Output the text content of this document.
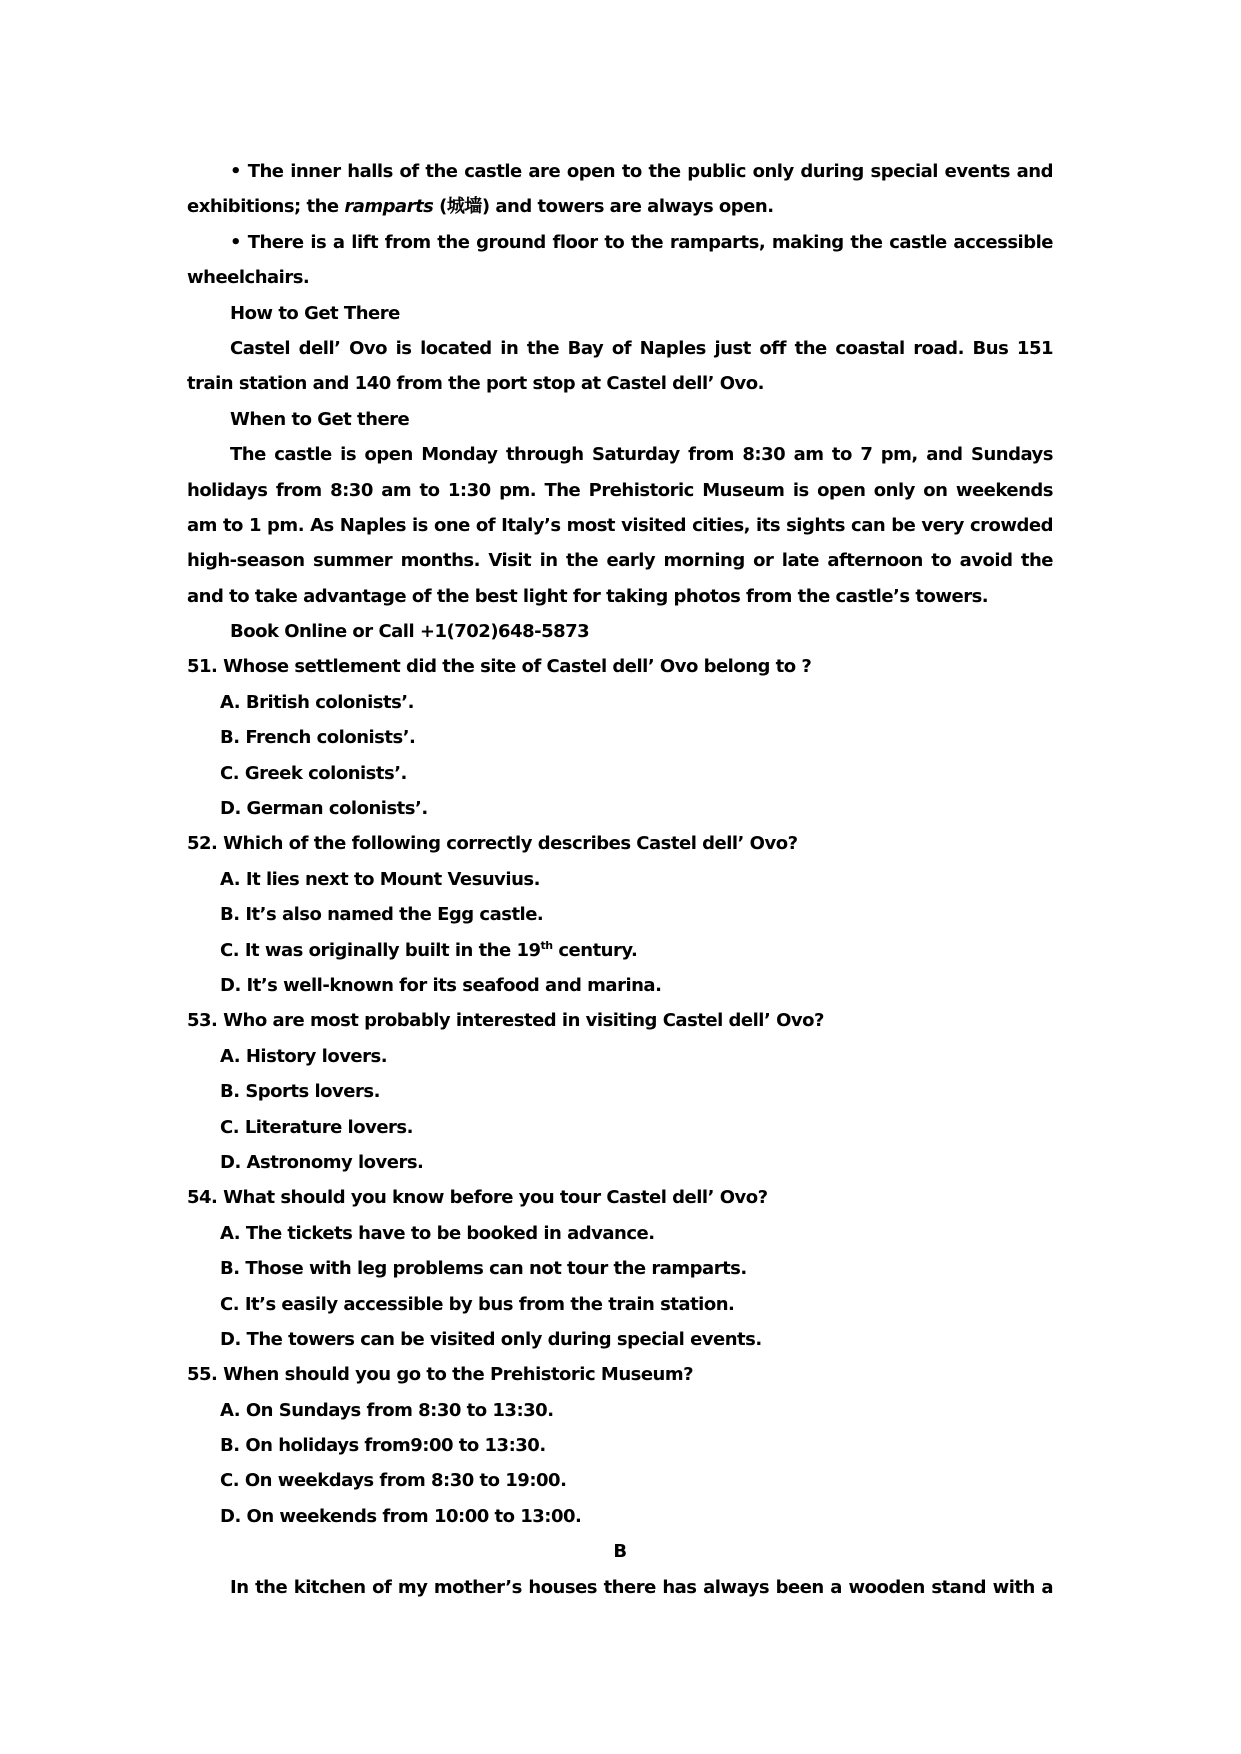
• The inner halls of the castle are open to the public only during special events and
exhibitions; the ramparts (城墙) and towers are always open.
• There is a lift from the ground floor to the ramparts, making the castle accessible
wheelchairs.
How to Get There
Castel dell’ Ovo is located in the Bay of Naples just off the coastal road. Bus 151
train station and 140 from the port stop at Castel dell’ Ovo.
When to Get there
The castle is open Monday through Saturday from 8:30 am to 7 pm, and Sundays
holidays from 8:30 am to 1:30 pm. The Prehistoric Museum is open only on weekends
am to 1 pm. As Naples is one of Italy’s most visited cities, its sights can be very crowded
high-season summer months. Visit in the early morning or late afternoon to avoid the
and to take advantage of the best light for taking photos from the castle’s towers.
Book Online or Call +1(702)648-5873
51. Whose settlement did the site of Castel dell’ Ovo belong to ?
A. British colonists’.
B. French colonists’.
C. Greek colonists’.
D. German colonists’.
52. Which of the following correctly describes Castel dell’ Ovo?
A. It lies next to Mount Vesuvius.
B. It’s also named the Egg castle.
C. It was originally built in the 19th century.
D. It’s well-known for its seafood and marina.
53. Who are most probably interested in visiting Castel dell’ Ovo?
A. History lovers.
B. Sports lovers.
C. Literature lovers.
D. Astronomy lovers.
54. What should you know before you tour Castel dell’ Ovo?
A. The tickets have to be booked in advance.
B. Those with leg problems can not tour the ramparts.
C. It’s easily accessible by bus from the train station.
D. The towers can be visited only during special events.
55. When should you go to the Prehistoric Museum?
A. On Sundays from 8:30 to 13:30.
B. On holidays from9:00 to 13:30.
C. On weekdays from 8:30 to 19:00.
D. On weekends from 10:00 to 13:00.
B
In the kitchen of my mother’s houses there has always been a wooden stand with a
